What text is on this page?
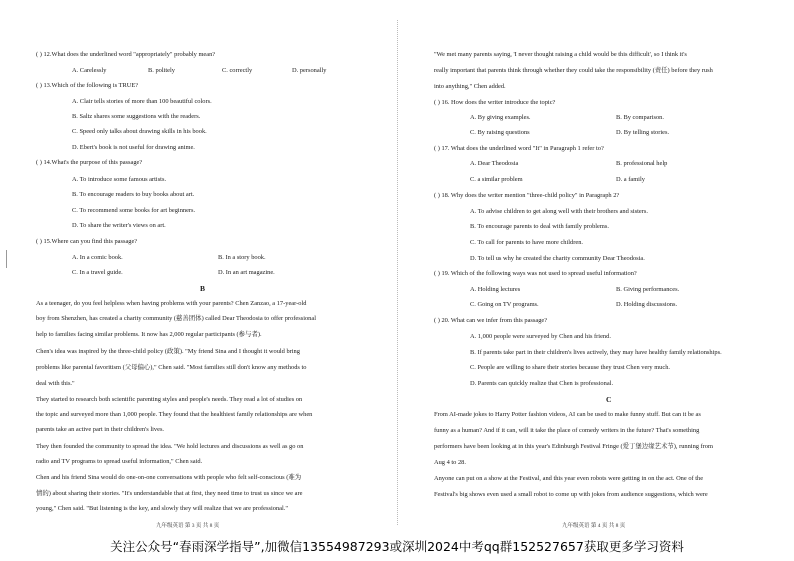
( ) 12.What does the underlined word "appropriately" probably mean?
A. Carelessly	B. politely	C. correctly	D. personally
( ) 13.Which of the following is TRUE?
A. Clair tells stories of more than 100 beautiful colors.
B. Saltz shares some suggestions with the readers.
C. Speed only talks about drawing skills in his book.
D. Ebert's book is not useful for drawing anime.
( ) 14.What's the purpose of this passage?
A. To introduce some famous artists.
B. To encourage readers to buy books about art.
C. To recommend some books for art beginners.
D. To share the writer's views on art.
( ) 15.Where can you find this passage?
A. In a comic book.	B. In a story book.
C. In a travel guide.	D. In an art magazine.
B
As a teenager, do you feel helpless when having problems with your parents? Chen Zanzao, a 17-year-old
boy from Shenzhen, has created a charity community (慈善团体) called Dear Theodosia to offer professional
help to families facing similar problems. It now has 2,000 regular participants (参与者).
Chen's idea was inspired by the three-child policy (政策). "My friend Sina and I thought it would bring
problems like parental favoritism (父母偏心)," Chen said. "Most families still don't know any methods to
deal with this."
They started to research both scientific parenting styles and people's needs. They read a lot of studies on
the topic and surveyed more than 1,000 people. They found that the healthiest family relationships are when
parents take an active part in their children's lives.
They then founded the community to spread the idea. "We hold lectures and discussions as well as go on
radio and TV programs to spread useful information," Chen said.
Chen and his friend Sina would do one-on-one conversations with people who felt self-conscious (难为
情的) about sharing their stories. "It's understandable that at first, they need time to trust us since we are
young," Chen said. "But listening is the key, and slowly they will realize that we are professional."
九年级英语 第 3 页 共 8 页
"We met many parents saying, 'I never thought raising a child would be this difficult', so I think it's
really important that parents think through whether they could take the responsibility (责任) before they rush
into anything," Chen added.
( ) 16. How does the writer introduce the topic?
A. By giving examples.	B. By comparison.
C. By raising questions	D. By telling stories.
( ) 17. What does the underlined word "It" in Paragraph 1 refer to?
A. Dear Theodosia	B. professional help
C. a similar problem	D. a family
( ) 18. Why does the writer mention "three-child policy" in Paragraph 2?
A. To advise children to get along well with their brothers and sisters.
B. To encourage parents to deal with family problems.
C. To call for parents to have more children.
D. To tell us why he created the charity community Dear Theodosia.
( ) 19. Which of the following ways was not used to spread useful information?
A. Holding lectures	B. Giving performances.
C. Going on TV programs.	D. Holding discussions.
( ) 20. What can we infer from this passage?
A. 1,000 people were surveyed by Chen and his friend.
B. If parents take part in their children's lives actively, they may have healthy family relationships.
C. People are willing to share their stories because they trust Chen very much.
D. Parents can quickly realize that Chen is professional.
C
From AI-made jokes to Harry Potter fashion videos, AI can be used to make funny stuff. But can it be as
funny as a human? And if it can, will it take the place of comedy writers in the future? That's something
performers have been looking at in this year's Edinburgh Festival Fringe (爱丁堡边缘艺术节), running from
Aug 4 to 28.
Anyone can put on a show at the Festival, and this year even robots were getting in on the act. One of the
Festival's big shows even used a small robot to come up with jokes from audience suggestions, which were
九年级英语 第 4 页 共 8 页
关注公众号“春雨深学指导”,加微信13554987293或深圳2024中考qq群152527657获取更多学习资料
